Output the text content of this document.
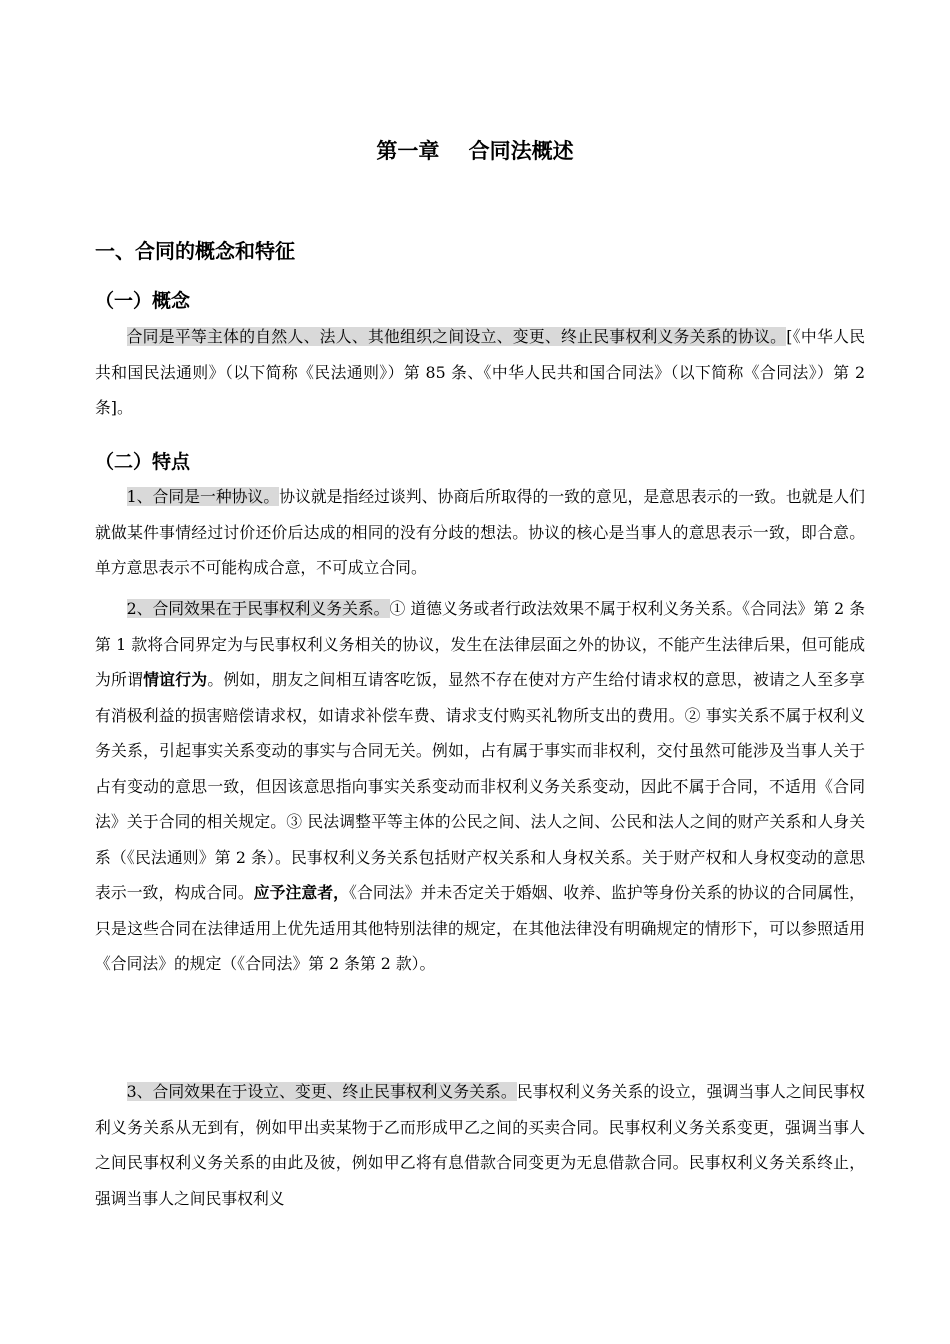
第一章    合同法概述
一、合同的概念和特征
（一）概念

合同是平等主体的自然人、法人、其他组织之间设立、变更、终止民事权利义务关系的协议。[《中华人民共和国民法通则》（以下简称《民法通则》）第 85 条、《中华人民共和国合同法》（以下简称《合同法》）第 2 条]。

（二）特点

1、合同是一种协议。协议就是指经过谈判、协商后所取得的一致的意见，是意思表示的一致。也就是人们就做某件事情经过讨价还价后达成的相同的没有分歧的想法。协议的核心是当事人的意思表示一致，即合意。单方意思表示不可能构成合意，不可成立合同。

2、合同效果在于民事权利义务关系。① 道德义务或者行政法效果不属于权利义务关系。《合同法》第 2 条第 1 款将合同界定为与民事权利义务相关的协议，发生在法律层面之外的协议，不能产生法律后果，但可能成为所谓情谊行为。例如，朋友之间相互请客吃饭，显然不存在使对方产生给付请求权的意思，被请之人至多享有消极利益的损害赔偿请求权，如请求补偿车费、请求支付购买礼物所支出的费用。② 事实关系不属于权利义务关系，引起事实关系变动的事实与合同无关。例如，占有属于事实而非权利，交付虽然可能涉及当事人关于占有变动的意思一致，但因该意思指向事实关系变动而非权利义务关系变动，因此不属于合同，不适用《合同法》关于合同的相关规定。③ 民法调整平等主体的公民之间、法人之间、公民和法人之间的财产关系和人身关系（《民法通则》第 2 条）。民事权利义务关系包括财产权关系和人身权关系。关于财产权和人身权变动的意思表示一致，构成合同。应予注意者，《合同法》并未否定关于婚姻、收养、监护等身份关系的协议的合同属性，只是这些合同在法律适用上优先适用其他特别法律的规定，在其他法律没有明确规定的情形下，可以参照适用《合同法》的规定（《合同法》第 2 条第 2 款）。

3、合同效果在于设立、变更、终止民事权利义务关系。民事权利义务关系的设立，强调当事人之间民事权利义务关系从无到有，例如甲出卖某物于乙而形成甲乙之间的买卖合同。民事权利义务关系变更，强调当事人之间民事权利义务关系的由此及彼，例如甲乙将有息借款合同变更为无息借款合同。民事权利义务关系终止，强调当事人之间民事权利义
